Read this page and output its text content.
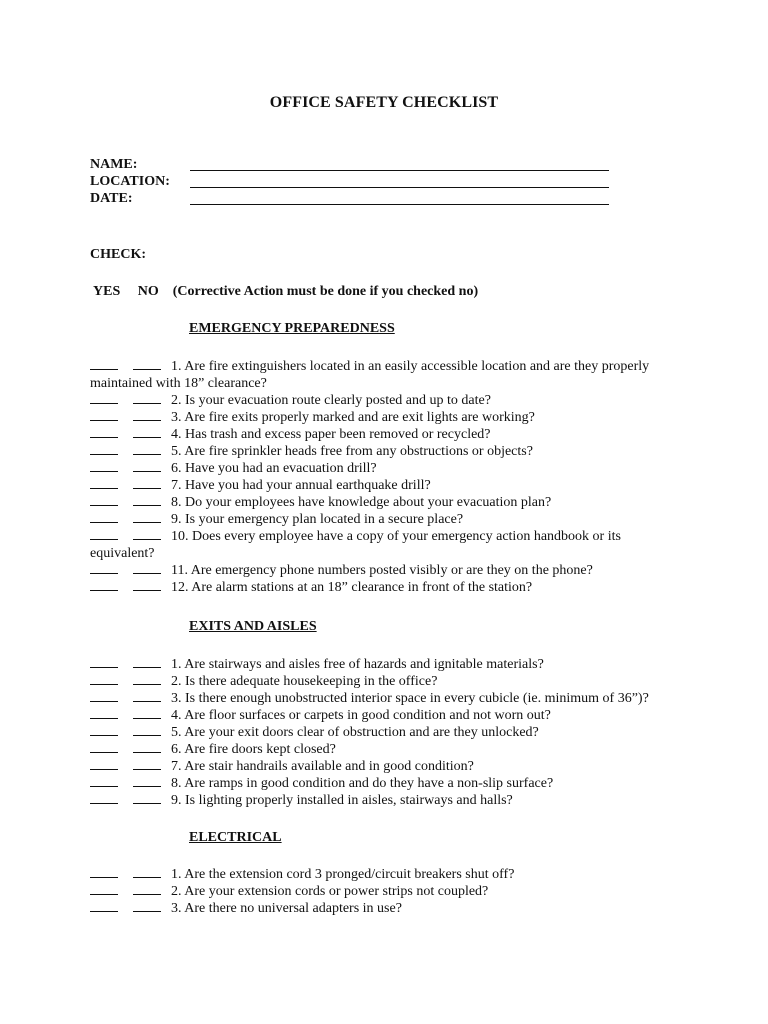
OFFICE SAFETY CHECKLIST
NAME:
LOCATION:
DATE:
CHECK:
YES     NO    (Corrective Action must be done if you checked no)
EMERGENCY PREPAREDNESS
1. Are fire extinguishers located in an easily accessible location and are they properly maintained with 18” clearance?
2. Is your evacuation route clearly posted and up to date?
3. Are fire exits properly marked and are exit lights are working?
4. Has trash and excess paper been removed or recycled?
5. Are fire sprinkler heads free from any obstructions or objects?
6. Have you had an evacuation drill?
7. Have you had your annual earthquake drill?
8. Do your employees have knowledge about your evacuation plan?
9. Is your emergency plan located in a secure place?
10. Does every employee have a copy of your emergency action handbook or its equivalent?
11. Are emergency phone numbers posted visibly or are they on the phone?
12. Are alarm stations at an 18” clearance in front of the station?
EXITS AND AISLES
1. Are stairways and aisles free of hazards and ignitable materials?
2. Is there adequate housekeeping in the office?
3. Is there enough unobstructed interior space in every cubicle (ie. minimum of 36”)?
4. Are floor surfaces or carpets in good condition and not worn out?
5. Are your exit doors clear of obstruction and are they unlocked?
6. Are fire doors kept closed?
7. Are stair handrails available and in good condition?
8. Are ramps in good condition and do they have a non-slip surface?
9. Is lighting properly installed in aisles, stairways and halls?
ELECTRICAL
1. Are the extension cord 3 pronged/circuit breakers shut off?
2. Are your extension cords or power strips not coupled?
3. Are there no universal adapters in use?
